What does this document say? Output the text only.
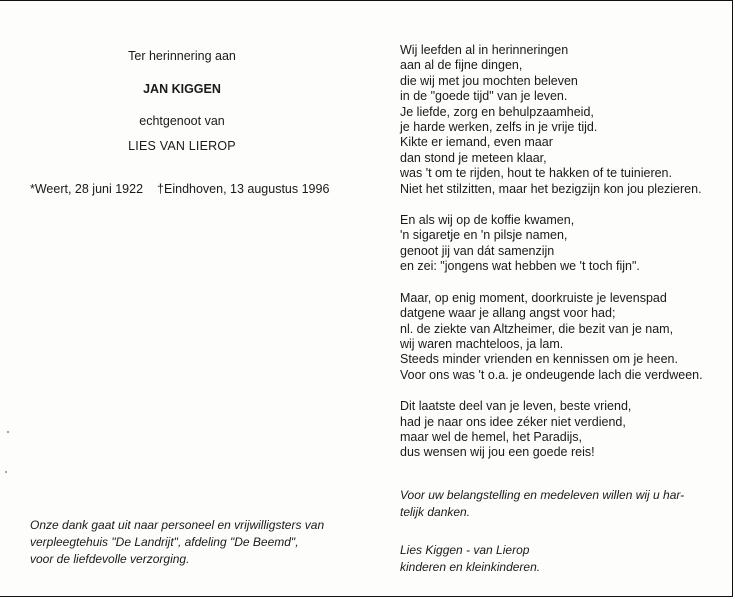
Ter herinnering aan
JAN KIGGEN
echtgenoot van
LIES VAN LIEROP
*Weert, 28 juni 1922 †Eindhoven, 13 augustus 1996
Onze dank gaat uit naar personeel en vrijwilligsters van
verpleegtehuis "De Landrijt", afdeling "De Beemd",
voor de liefdevolle verzorging.
Wij leefden al in herinneringen
aan al de fijne dingen,
die wij met jou mochten beleven
in de "goede tijd" van je leven.
Je liefde, zorg en behulpzaamheid,
je harde werken, zelfs in je vrije tijd.
Kikte er iemand, even maar
dan stond je meteen klaar,
was 't om te rijden, hout te hakken of te tuinieren.
Niet het stilzitten, maar het bezigzijn kon jou plezieren.
En als wij op de koffie kwamen,
'n sigaretje en 'n pilsje namen,
genoot jij van dát samenzijn
en zei: "jongens wat hebben we 't toch fijn".
Maar, op enig moment, doorkruiste je levenspad
datgene waar je allang angst voor had;
nl. de ziekte van Altzheimer, die bezit van je nam,
wij waren machteloos, ja lam.
Steeds minder vrienden en kennissen om je heen.
Voor ons was 't o.a. je ondeugende lach die verdween.
Dit laatste deel van je leven, beste vriend,
had je naar ons idee zéker niet verdiend,
maar wel de hemel, het Paradijs,
dus wensen wij jou een goede reis!
Voor uw belangstelling en medeleven willen wij u har-
telijk danken.
Lies Kiggen - van Lierop
kinderen en kleinkinderen.
